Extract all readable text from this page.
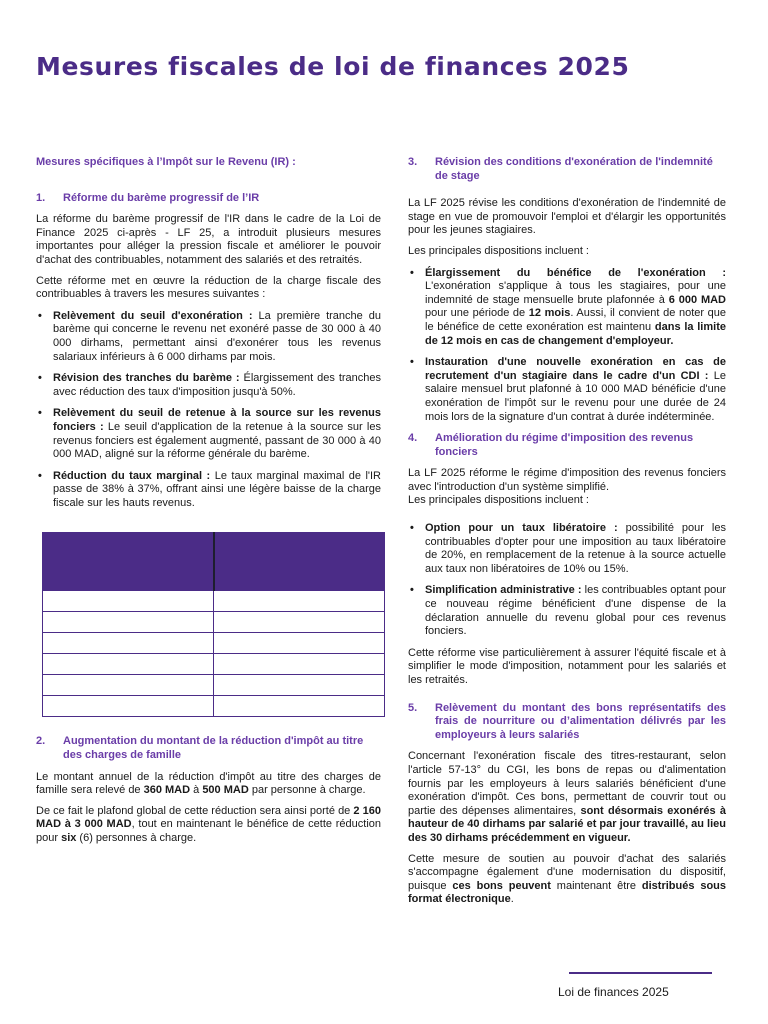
Mesures fiscales de loi de finances 2025

Mesures spécifiques à l’Impôt sur le Revenu (IR) :

1.	Réforme du barème progressif de l’IR

La réforme du barème progressif de l'IR dans le cadre de la Loi de Finance 2025 ci-après - LF 25, a introduit plusieurs mesures importantes pour alléger la pression fiscale et améliorer le pouvoir d'achat des contribuables, notamment des salariés et des retraités.

Cette réforme met en œuvre la réduction de la charge fiscale des contribuables à travers les mesures suivantes :

• Relèvement du seuil d'exonération : La première tranche du barème qui concerne le revenu net exonéré passe de 30 000 à 40 000 dirhams, permettant ainsi d'exonérer tous les revenus salariaux inférieurs à 6 000 dirhams par mois.
• Révision des tranches du barème : Élargissement des tranches avec réduction des taux d'imposition jusqu'à 50%.
• Relèvement du seuil de retenue à la source sur les revenus fonciers : Le seuil d'application de la retenue à la source sur les revenus fonciers est également augmenté, passant de 30 000 à 40 000 MAD, aligné sur la réforme générale du barème.
• Réduction du taux marginal : Le taux marginal maximal de l'IR passe de 38% à 37%, offrant ainsi une légère baisse de la charge fiscale sur les hauts revenus.

2.	Augmentation du montant de la réduction d'impôt au titre des charges de famille

Le montant annuel de la réduction d'impôt au titre des charges de famille sera relevé de 360 MAD à 500 MAD par personne à charge.

De ce fait le plafond global de cette réduction sera ainsi porté de 2 160 MAD à 3 000 MAD, tout en maintenant le bénéfice de cette réduction pour six (6) personnes à charge.

3.	Révision des conditions d'exonération de l'indemnité de stage

La LF 2025 révise les conditions d'exonération de l'indemnité de stage en vue de promouvoir l'emploi et d'élargir les opportunités pour les jeunes stagiaires.

Les principales dispositions incluent :

• Élargissement du bénéfice de l'exonération : L'exonération s'applique à tous les stagiaires, pour une indemnité de stage mensuelle brute plafonnée à 6 000 MAD pour une période de 12 mois. Aussi, il convient de noter que le bénéfice de cette exonération est maintenu dans la limite de 12 mois en cas de changement d'employeur.
• Instauration d'une nouvelle exonération en cas de recrutement d'un stagiaire dans le cadre d'un CDI : Le salaire mensuel brut plafonné à 10 000 MAD bénéficie d'une exonération de l'impôt sur le revenu pour une durée de 24 mois lors de la signature d'un contrat à durée indéterminée.
4.	Amélioration du régime d'imposition des revenus fonciers

La LF 2025 réforme le régime d'imposition des revenus fonciers avec l'introduction d'un système simplifié.
Les principales dispositions incluent :

• Option pour un taux libératoire : possibilité pour les contribuables d'opter pour une imposition au taux libératoire de 20%, en remplacement de la retenue à la source actuelle aux taux non libératoires de 10% ou 15%.
• Simplification administrative : les contribuables optant pour ce nouveau régime bénéficient d'une dispense de la déclaration annuelle du revenu global pour ces revenus fonciers.

Cette réforme vise particulièrement à assurer l'équité fiscale et à simplifier le mode d'imposition, notamment pour les salariés et les retraités.

5.	Relèvement du montant des bons représentatifs des frais de nourriture ou d’alimentation délivrés par les employeurs à leurs salariés

Concernant l'exonération fiscale des titres-restaurant, selon l'article 57-13° du CGI, les bons de repas ou d'alimentation fournis par les employeurs à leurs salariés bénéficient d'une exonération d'impôt. Ces bons, permettant de couvrir tout ou partie des dépenses alimentaires, sont désormais exonérés à hauteur de 40 dirhams par salarié et par jour travaillé, au lieu des 30 dirhams précédemment en vigueur.

Cette mesure de soutien au pouvoir d'achat des salariés s'accompagne également d'une modernisation du dispositif, puisque ces bons peuvent maintenant être distribués sous format électronique.

Loi de finances 2025
